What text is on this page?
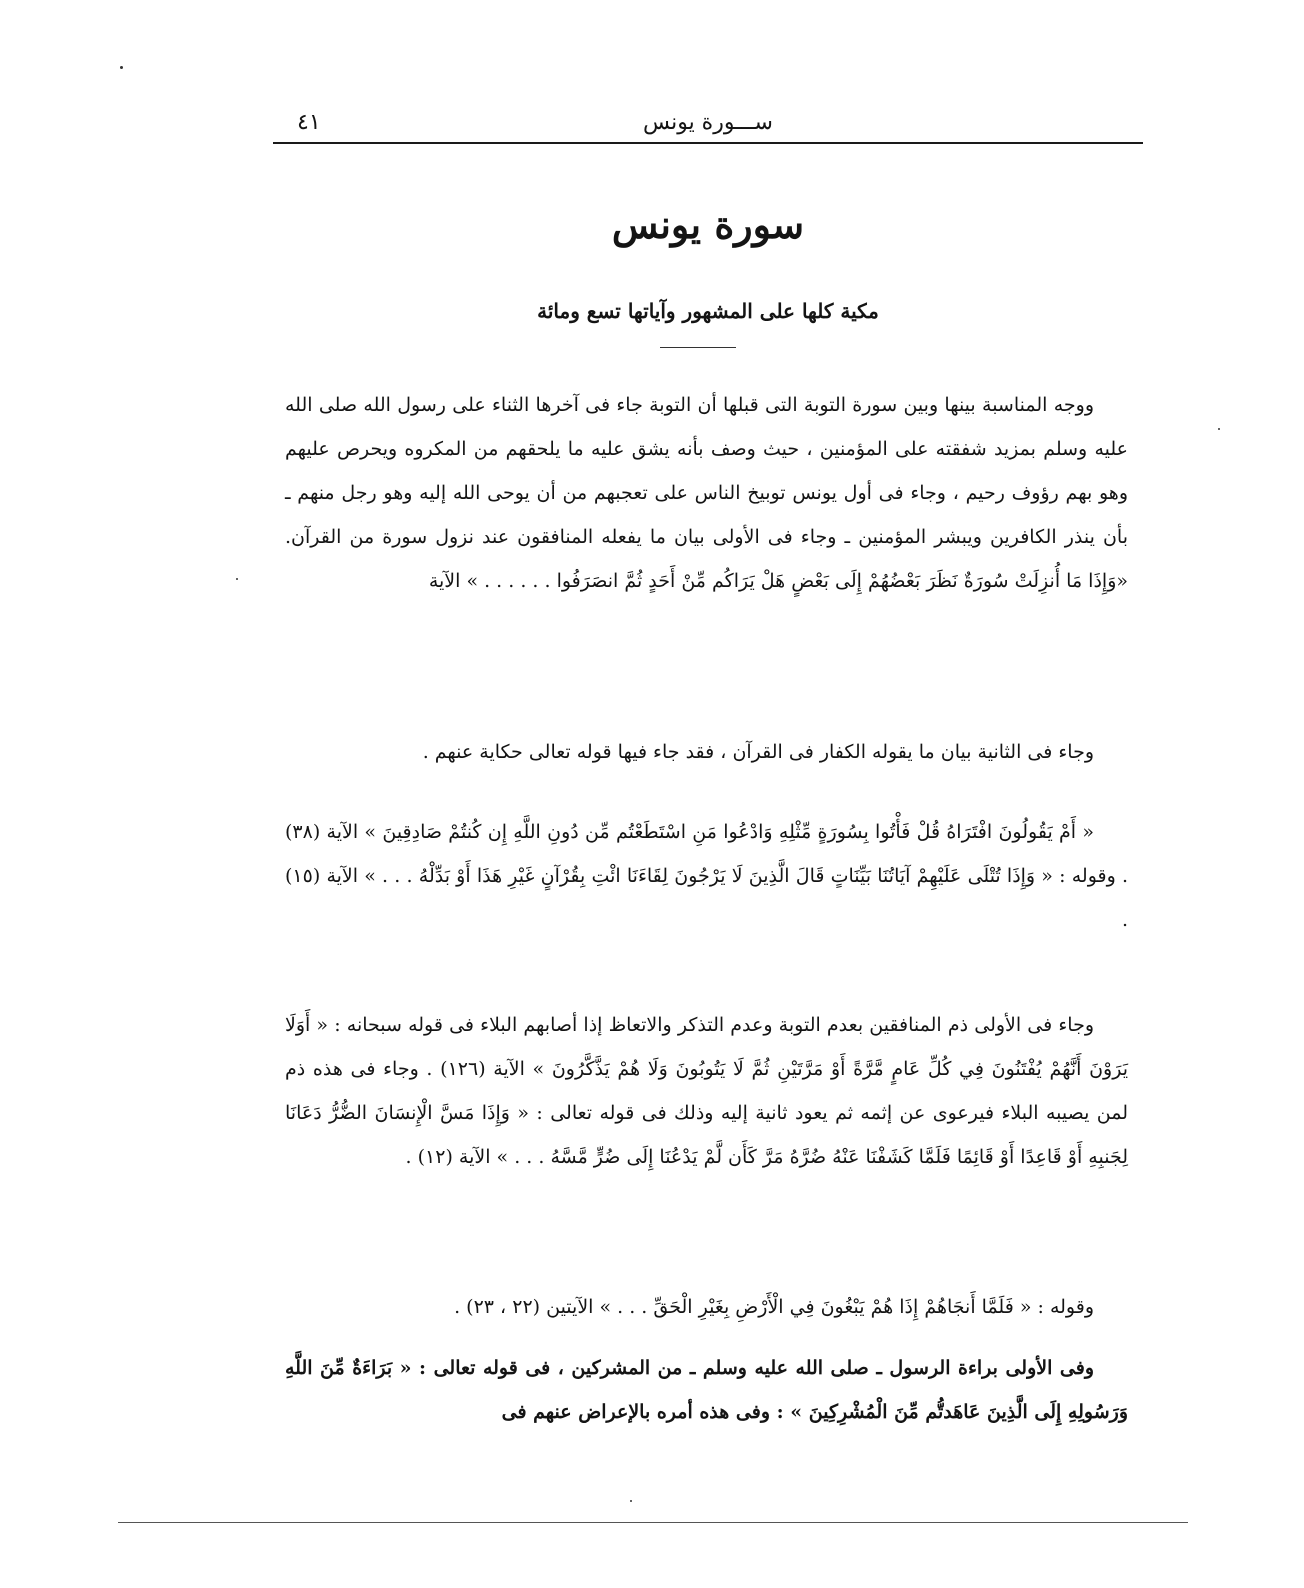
ســـورة يونس
٤١
سورة يونس
مكية كلها على المشهور وآياتها تسع ومائة

ووجه المناسبة بينها وبين سورة التوبة التى قبلها أن التوبة جاء فى آخرها الثناء على رسول الله صلى الله عليه وسلم بمزيد شفقته على المؤمنين ، حيث وصف بأنه يشق عليه ما يلحقهم من المكروه ويحرص عليهم وهو بهم رؤوف رحيم ، وجاء فى أول يونس توبيخ الناس على تعجبهم من أن يوحى الله إليه وهو رجل منهم ـ بأن ينذر الكافرين ويبشر المؤمنين ـ وجاء فى الأولى بيان ما يفعله المنافقون عند نزول سورة من القرآن. «وَإِذَا مَا أُنزِلَتْ سُورَةٌ نَظَرَ بَعْضُهُمْ إِلَى بَعْضٍ هَلْ يَرَاكُم مِّنْ أَحَدٍ ثُمَّ انصَرَفُوا . . . . . . » الآية

وجاء فى الثانية بيان ما يقوله الكفار فى القرآن ، فقد جاء فيها قوله تعالى حكاية عنهم .

« أَمْ يَقُولُونَ افْتَرَاهُ قُلْ فَأْتُوا بِسُورَةٍ مِّثْلِهِ وَادْعُوا مَنِ اسْتَطَعْتُم مِّن دُونِ اللَّهِ إِن كُنتُمْ صَادِقِينَ » الآية (٣٨) . وقوله : « وَإِذَا تُتْلَى عَلَيْهِمْ آيَاتُنَا بَيِّنَاتٍ قَالَ الَّذِينَ لَا يَرْجُونَ لِقَاءَنَا ائْتِ بِقُرْآنٍ غَيْرِ هَذَا أَوْ بَدِّلْهُ . . . » الآية (١٥) .

وجاء فى الأولى ذم المنافقين بعدم التوبة وعدم التذكر والاتعاظ إذا أصابهم البلاء فى قوله سبحانه : « أَوَلَا يَرَوْنَ أَنَّهُمْ يُفْتَنُونَ فِي كُلِّ عَامٍ مَّرَّةً أَوْ مَرَّتَيْنِ ثُمَّ لَا يَتُوبُونَ وَلَا هُمْ يَذَّكَّرُونَ » الآية (١٢٦) . وجاء فى هذه ذم لمن يصيبه البلاء فيرعوى عن إثمه ثم يعود ثانية إليه وذلك فى قوله تعالى : « وَإِذَا مَسَّ الْإِنسَانَ الضُّرُّ دَعَانَا لِجَنبِهِ أَوْ قَاعِدًا أَوْ قَائِمًا فَلَمَّا كَشَفْنَا عَنْهُ ضُرَّهُ مَرَّ كَأَن لَّمْ يَدْعُنَا إِلَى ضُرٍّ مَّسَّهُ . . . » الآية (١٢) .

وقوله : « فَلَمَّا أَنجَاهُمْ إِذَا هُمْ يَبْغُونَ فِي الْأَرْضِ بِغَيْرِ الْحَقِّ . . . » الآيتين (٢٢ ، ٢٣) .

وفى الأولى براءة الرسول ـ صلى الله عليه وسلم ـ من المشركين ، فى قوله تعالى : « بَرَاءَةٌ مِّنَ اللَّهِ وَرَسُولِهِ إِلَى الَّذِينَ عَاهَدتُّم مِّنَ الْمُشْرِكِينَ » : وفى هذه أمره بالإعراض عنهم فى
